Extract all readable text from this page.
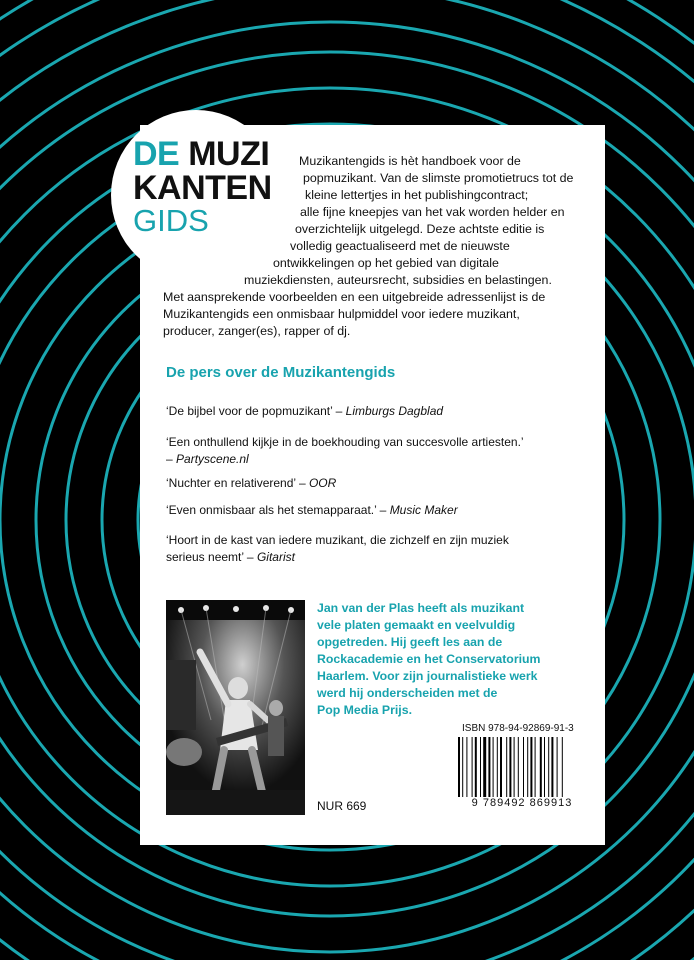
DE MUZI
KANTEN
GIDS
Muzikantengids is hèt handboek voor de
popmuzikant. Van de slimste promotietrucs tot de
kleine lettertjes in het publishingcontract;
alle fijne kneepjes van het vak worden helder en
overzichtelijk uitgelegd. Deze achtste editie is
volledig geactualiseerd met de nieuwste
ontwikkelingen op het gebied van digitale
muziekdiensten, auteursrecht, subsidies en belastingen.
Met aansprekende voorbeelden en een uitgebreide adressenlijst is de
Muzikantengids een onmisbaar hulpmiddel voor iedere muzikant,
producer, zanger(es), rapper of dj.
De pers over de Muzikantengids
‘De bijbel voor de popmuzikant’ – Limburgs Dagblad
‘Een onthullend kijkje in de boekhouding van succesvolle artiesten.’
– Partyscene.nl
‘Nuchter en relativerend’ – OOR
‘Even onmisbaar als het stemapparaat.’ – Music Maker
‘Hoort in de kast van iedere muzikant, die zichzelf en zijn muziek
serieus neemt’ – Gitarist
Jan van der Plas heeft als muzikant
vele platen gemaakt en veelvuldig
opgetreden. Hij geeft les aan de
Rockacademie en het Conservatorium
Haarlem. Voor zijn journalistieke werk
werd hij onderscheiden met de
Pop Media Prijs.
ISBN 978-94-92869-91-3
9 789492 869913
NUR 669
